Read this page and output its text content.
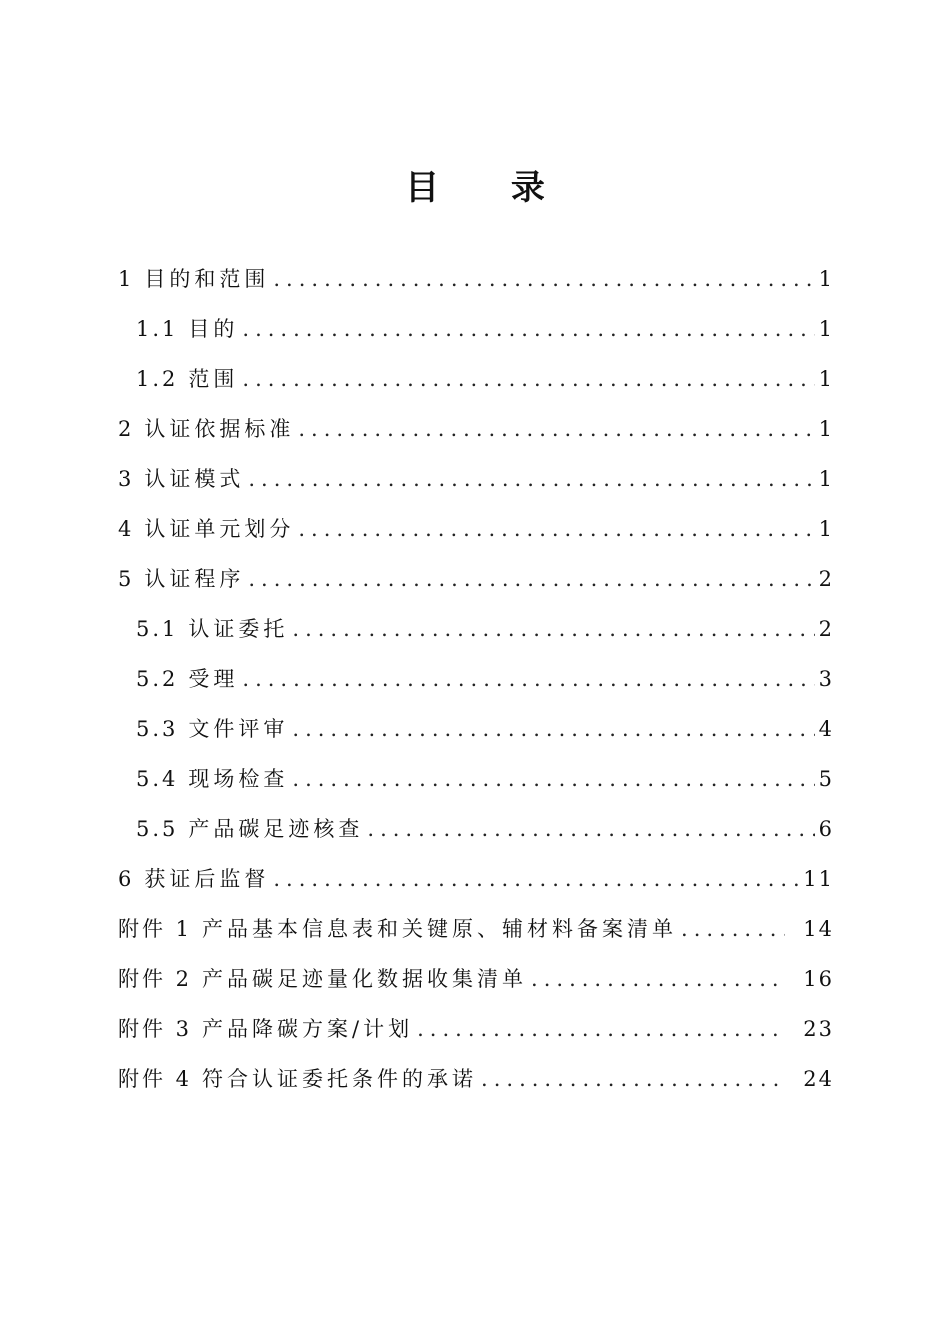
目 录
1 目的和范围 .....	1
1.1 目的 .....	1
1.2 范围 .....	1
2 认证依据标准 .....	1
3 认证模式 .....	1
4 认证单元划分 .....	1
5 认证程序 .....	2
5.1 认证委托 .....	2
5.2 受理 .....	3
5.3 文件评审 .....	4
5.4 现场检查 .....	5
5.5 产品碳足迹核查 .....	6
6 获证后监督 .....	11
附件 1 产品基本信息表和关键原、辅材料备案清单 .....	14
附件 2 产品碳足迹量化数据收集清单 .....	16
附件 3 产品降碳方案/计划 .....	23
附件 4 符合认证委托条件的承诺 .....	24
